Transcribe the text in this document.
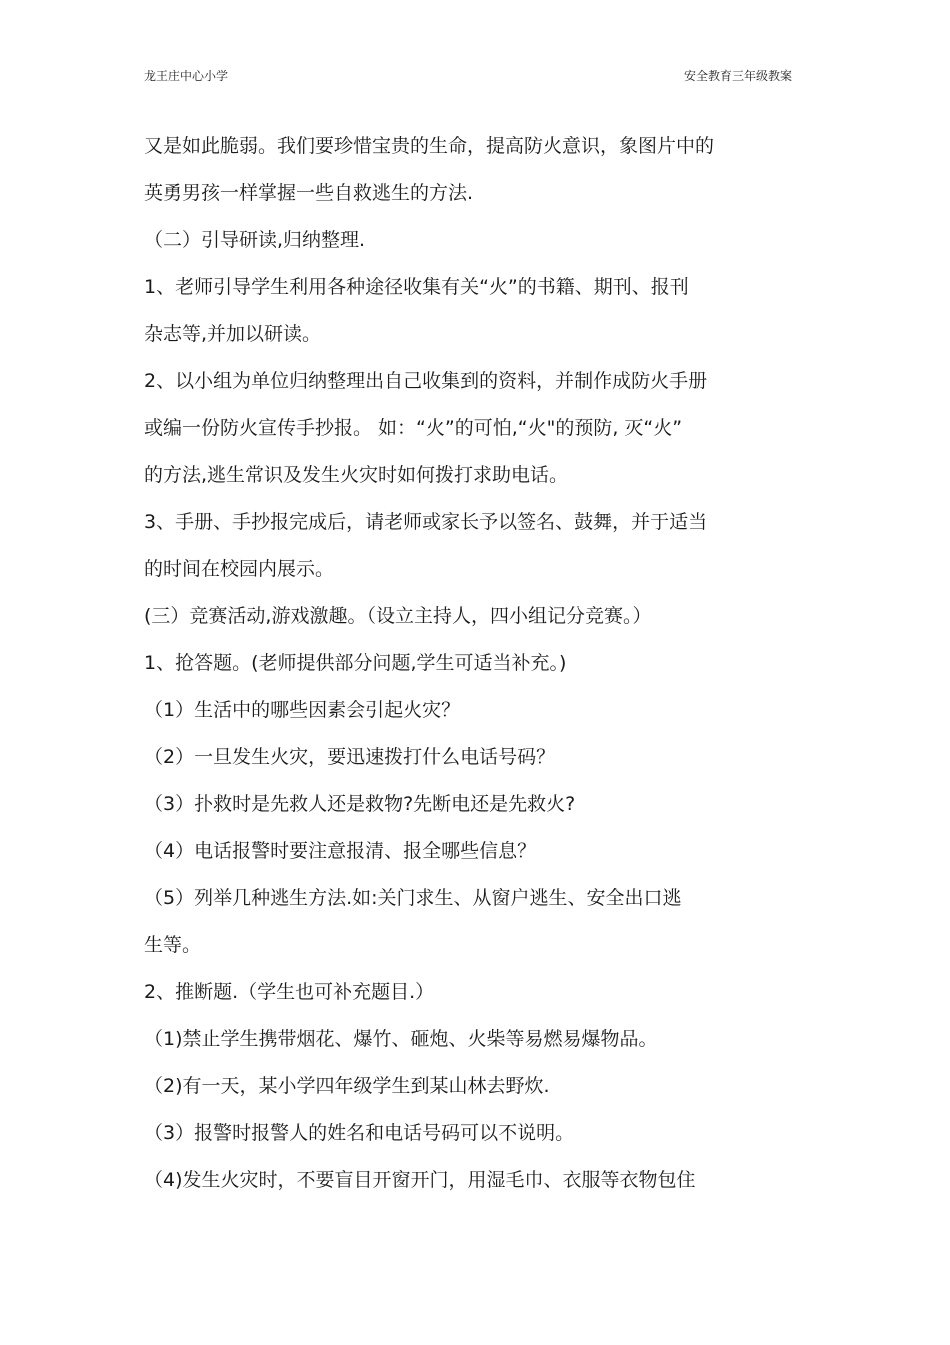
龙王庄中心小学	安全教育三年级教案
又是如此脆弱。我们要珍惜宝贵的生命，提高防火意识，象图片中的
英勇男孩一样掌握一些自救逃生的方法.
（二）引导研读,归纳整理.
1、老师引导学生利用各种途径收集有关“火”的书籍、期刊、报刊
杂志等,并加以研读。
2、以小组为单位归纳整理出自己收集到的资料，并制作成防火手册
或编一份防火宣传手抄报。 如：“火”的可怕,“火"的预防, 灭“火”
的方法,逃生常识及发生火灾时如何拨打求助电话。
3、手册、手抄报完成后，请老师或家长予以签名、鼓舞，并于适当
的时间在校园内展示。
(三）竞赛活动,游戏激趣。（设立主持人，四小组记分竞赛。）
1、抢答题。(老师提供部分问题,学生可适当补充。)
（1）生活中的哪些因素会引起火灾？
（2）一旦发生火灾，要迅速拨打什么电话号码？
（3）扑救时是先救人还是救物?先断电还是先救火?
（4）电话报警时要注意报清、报全哪些信息？
（5）列举几种逃生方法.如:关门求生、从窗户逃生、安全出口逃
生等。
2、推断题.（学生也可补充题目.）
（1)禁止学生携带烟花、爆竹、砸炮、火柴等易燃易爆物品。
（2)有一天，某小学四年级学生到某山林去野炊.
（3）报警时报警人的姓名和电话号码可以不说明。
（4)发生火灾时，不要盲目开窗开门，用湿毛巾、衣服等衣物包住
